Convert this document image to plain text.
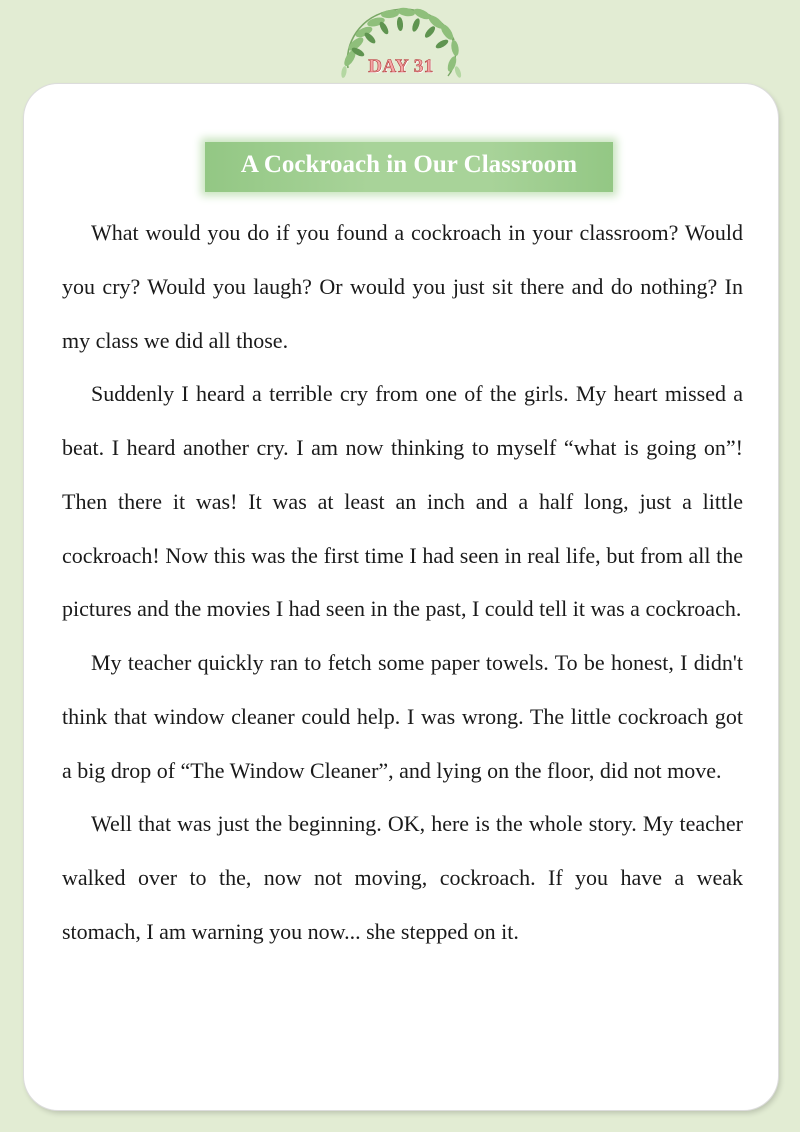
DAY 31
A Cockroach in Our Classroom

What would you do if you found a cockroach in your classroom? Would you cry? Would you laugh? Or would you just sit there and do nothing? In my class we did all those.

Suddenly I heard a terrible cry from one of the girls. My heart missed a beat. I heard another cry. I am now thinking to myself “what is going on”! Then there it was! It was at least an inch and a half long, just a little cockroach! Now this was the first time I had seen in real life, but from all the pictures and the movies I had seen in the past, I could tell it was a cockroach.

My teacher quickly ran to fetch some paper towels. To be honest, I didn't think that window cleaner could help. I was wrong. The little cockroach got a big drop of “The Window Cleaner”, and lying on the floor, did not move.

Well that was just the beginning. OK, here is the whole story. My teacher walked over to the, now not moving, cockroach. If you have a weak stomach, I am warning you now... she stepped on it.
